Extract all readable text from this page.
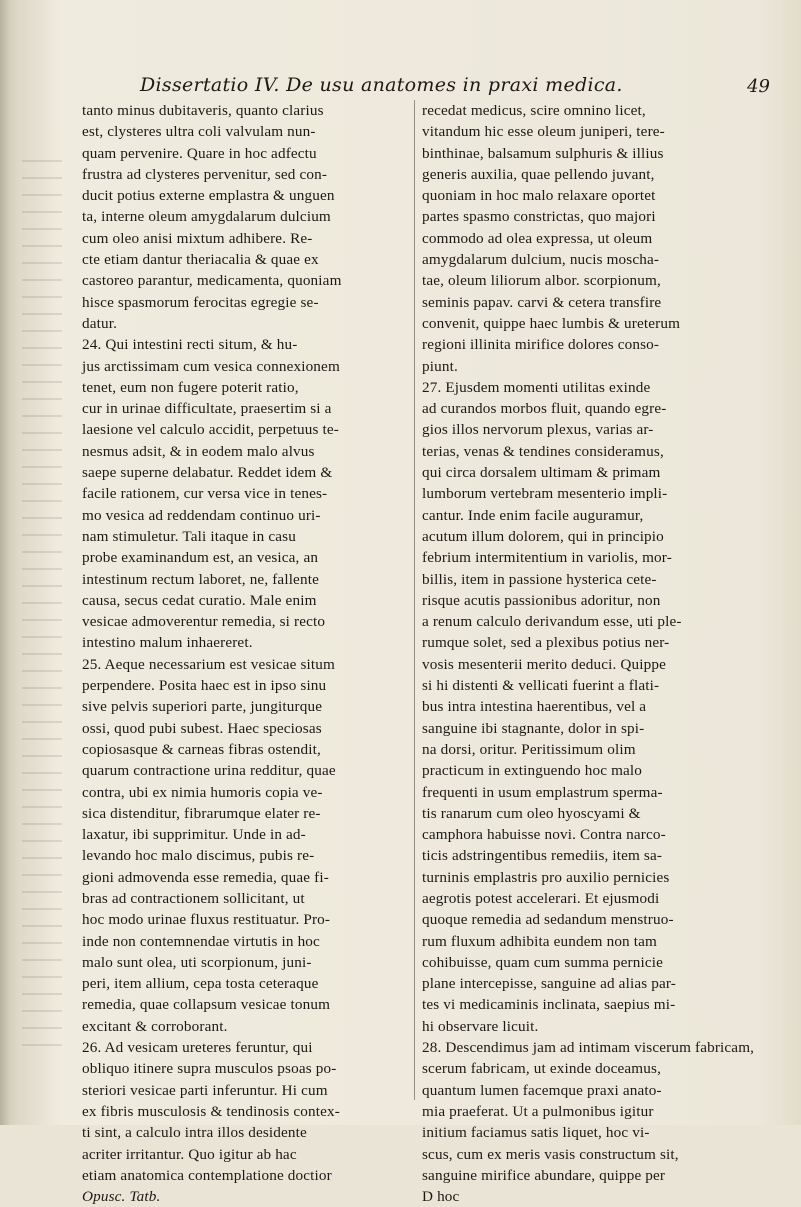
Dissertatio IV. De usu anatomes in praxi medica.	49
tanto minus dubitaveris, quanto clarius
est, clysteres ultra coli valvulam nun-
quam pervenire. Quare in hoc adfectu
frustra ad clysteres pervenitur, sed con-
ducit potius externe emplastra & unguen
ta, interne oleum amygdalarum dulcium
cum oleo anisi mixtum adhibere. Re-
cte etiam dantur theriacalia & quae ex
castoreo parantur, medicamenta, quoniam
hisce spasmorum ferocitas egregie se-
datur.
24. Qui intestini recti situm, & hu-
jus arctissimam cum vesica connexionem
tenet, eum non fugere poterit ratio,
cur in urinae difficultate, praesertim si a
laesione vel calculo accidit, perpetuus te-
nesmus adsit, & in eodem malo alvus
saepe superne delabatur. Reddet idem &
facile rationem, cur versa vice in tenes-
mo vesica ad reddendam continuo uri-
nam stimuletur. Tali itaque in casu
probe examinandum est, an vesica, an
intestinum rectum laboret, ne, fallente
causa, secus cedat curatio. Male enim
vesicae admoverentur remedia, si recto
intestino malum inhaereret.
25. Aeque necessarium est vesicae situm
perpendere. Posita haec est in ipso sinu
sive pelvis superiori parte, jungiturque
ossi, quod pubi subest. Haec speciosas
copiosasque & carneas fibras ostendit,
quarum contractione urina redditur, quae
contra, ubi ex nimia humoris copia ve-
sica distenditur, fibrarumque elater re-
laxatur, ibi supprimitur. Unde in ad-
levando hoc malo discimus, pubis re-
gioni admovenda esse remedia, quae fi-
bras ad contractionem sollicitant, ut
hoc modo urinae fluxus restituatur. Pro-
inde non contemnendae virtutis in hoc
malo sunt olea, uti scorpionum, juni-
peri, item allium, cepa tosta ceteraque
remedia, quae collapsum vesicae tonum
excitant & corroborant.
26. Ad vesicam ureteres feruntur, qui
obliquo itinere supra musculos psoas po-
steriori vesicae parti inferuntur. Hi cum
ex fibris musculosis & tendinosis contex-
ti sint, a calculo intra illos desidente
acriter irritantur. Quo igitur ab hac
etiam anatomica contemplatione doctior
Opusc. Tatb.
recedat medicus, scire omnino licet,
vitandum hic esse oleum juniperi, tere-
binthinae, balsamum sulphuris & illius
generis auxilia, quae pellendo juvant,
quoniam in hoc malo relaxare oportet
partes spasmo constrictas, quo majori
commodo ad olea expressa, ut oleum
amygdalarum dulcium, nucis moscha-
tae, oleum liliorum albor. scorpionum,
seminis papav. carvi & cetera transfire
convenit, quippe haec lumbis & ureterum
regioni illinita mirifice dolores conso-
piunt.
27. Ejusdem momenti utilitas exinde
ad curandos morbos fluit, quando egre-
gios illos nervorum plexus, varias ar-
terias, venas & tendines consideramus,
qui circa dorsalem ultimam & primam
lumborum vertebram mesenterio impli-
cantur. Inde enim facile auguramur,
acutum illum dolorem, qui in principio
febrium intermitentium in variolis, mor-
billis, item in passione hysterica cete-
risque acutis passionibus adoritur, non
a renum calculo derivandum esse, uti ple-
rumque solet, sed a plexibus potius ner-
vosis mesenterii merito deduci. Quippe
si hi distenti & vellicati fuerint a flati-
bus intra intestina haerentibus, vel a
sanguine ibi stagnante, dolor in spi-
na dorsi, oritur. Peritissimum olim
practicum in extinguendo hoc malo
frequenti in usum emplastrum sperma-
tis ranarum cum oleo hyoscyami &
camphora habuisse novi. Contra narco-
ticis adstringentibus remediis, item sa-
turninis emplastris pro auxilio pernicies
aegrotis potest accelerari. Et ejusmodi
quoque remedia ad sedandum menstruo-
rum fluxum adhibita eundem non tam
cohibuisse, quam cum summa pernicie
plane intercepisse, sanguine ad alias par-
tes vi medicaminis inclinata, saepius mi-
hi observare licuit.
28. Descendimus jam ad intimam viscerum fabricam,
scerum fabricam, ut exinde doceamus,
quantum lumen facemque praxi anato-
mia praeferat. Ut a pulmonibus igitur
initium faciamus satis liquet, hoc vi-
scus, cum ex meris vasis constructum sit,
sanguine mirifice abundare, quippe per
D hoc
